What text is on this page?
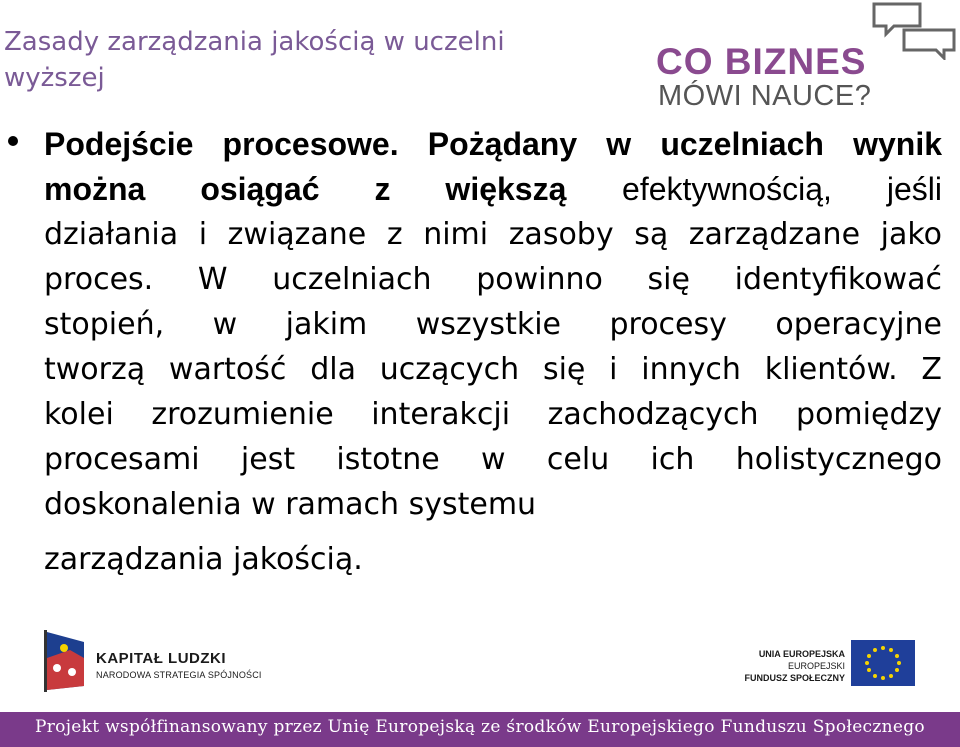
Zasady zarządzania jakością w uczelni wyższej	CO BIZNES
MÓWI NAUCE?
Podejście procesowe. Pożądany w uczelniach wynik
można osiągać z większą efektywnością, jeśli
działania i związane z nimi zasoby są zarządzane jako
proces. W uczelniach powinno się identyfikować
stopień, w jakim wszystkie procesy operacyjne
tworzą wartość dla uczących się i innych klientów. Z
kolei zrozumienie interakcji zachodzących pomiędzy
procesami jest istotne w celu ich holistycznego
doskonalenia w ramach systemu
zarządzania jakością.
KAPITAŁ LUDZKI
NARODOWA STRATEGIA SPÓJNOŚCI
UNIA EUROPEJSKA
EUROPEJSKI
FUNDUSZ SPOŁECZNY
Projekt współfinansowany przez Unię Europejską ze środków Europejskiego Funduszu Społecznego
